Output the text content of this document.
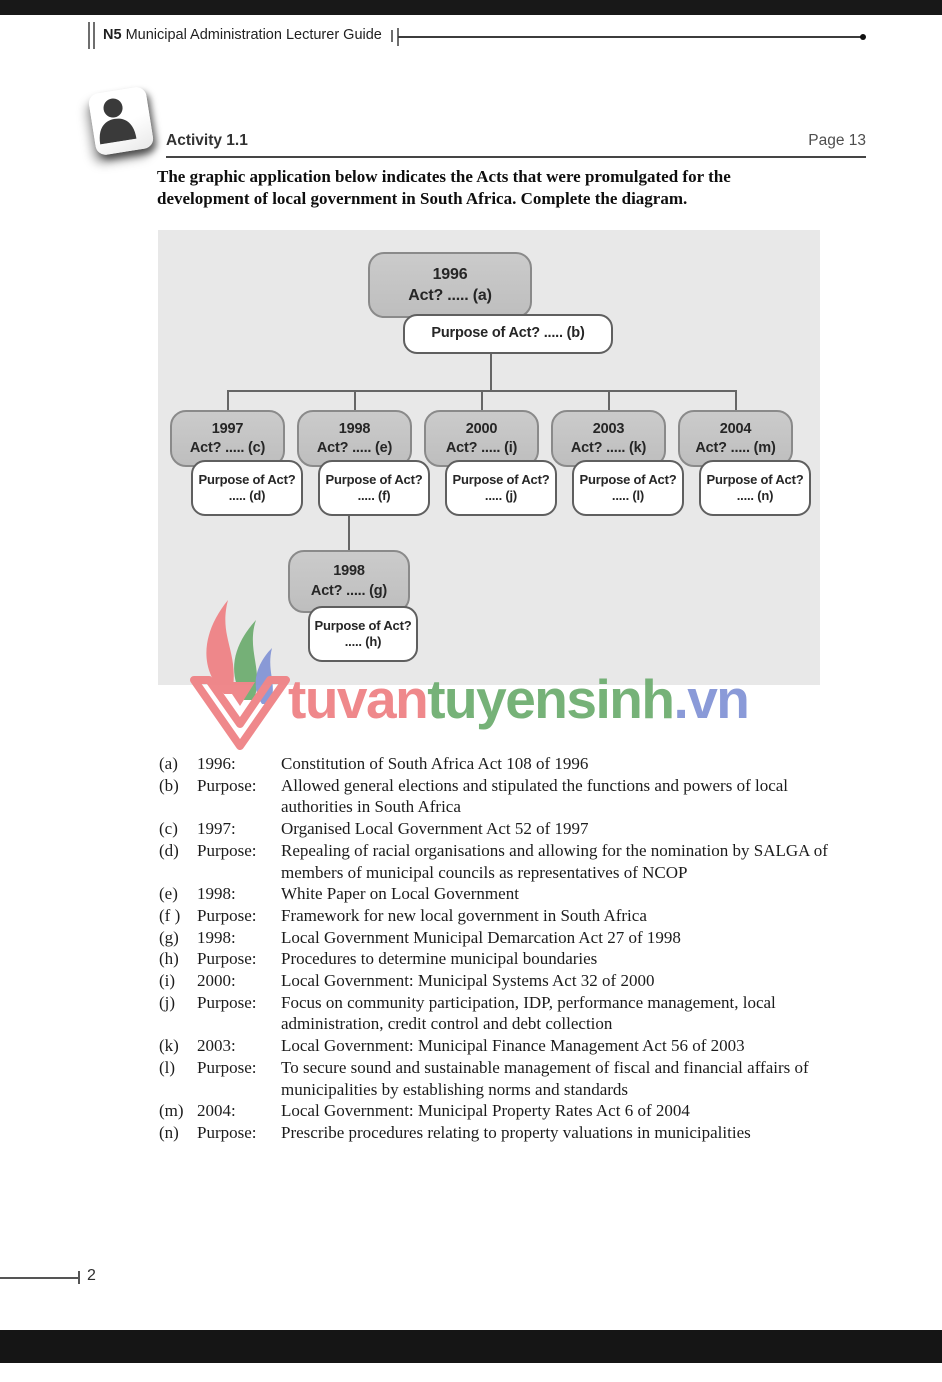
N5 Municipal Administration Lecturer Guide
Activity 1.1	Page 13
The graphic application below indicates the Acts that were promulgated for the
development of local government in South Africa. Complete the diagram.
1996
Act? ..... (a)
Purpose of Act? ..... (b)
1997
Act? ..... (c)
Purpose of Act?
..... (d)
1998
Act? ..... (e)
Purpose of Act?
..... (f)
2000
Act? ..... (i)
Purpose of Act?
..... (j)
2003
Act? ..... (k)
Purpose of Act?
..... (l)
2004
Act? ..... (m)
Purpose of Act?
..... (n)
1998
Act? ..... (g)
Purpose of Act?
..... (h)
tuvantuyensinh.vn
(a)	1996:	Constitution of South Africa Act 108 of 1996
(b)	Purpose:	Allowed general elections and stipulated the functions and powers of local authorities in South Africa
(c)	1997:	Organised Local Government Act 52 of 1997
(d)	Purpose:	Repealing of racial organisations and allowing for the nomination by SALGA of members of municipal councils as representatives of NCOP
(e)	1998:	White Paper on Local Government
(f ) Purpose:	Framework for new local government in South Africa
(g)	1998:	Local Government Municipal Demarcation Act 27 of 1998
(h)	Purpose:	Procedures to determine municipal boundaries
(i)	2000:	Local Government: Municipal Systems Act 32 of 2000
(j)	Purpose:	Focus on community participation, IDP, performance management, local administration, credit control and debt collection
(k)	2003:	Local Government: Municipal Finance Management Act 56 of 2003
(l)	Purpose:	To secure sound and sustainable management of fiscal and financial affairs of municipalities by establishing norms and standards
(m) 2004:	Local Government: Municipal Property Rates Act 6 of 2004
(n)	Purpose:	Prescribe procedures relating to property valuations in municipalities
2
